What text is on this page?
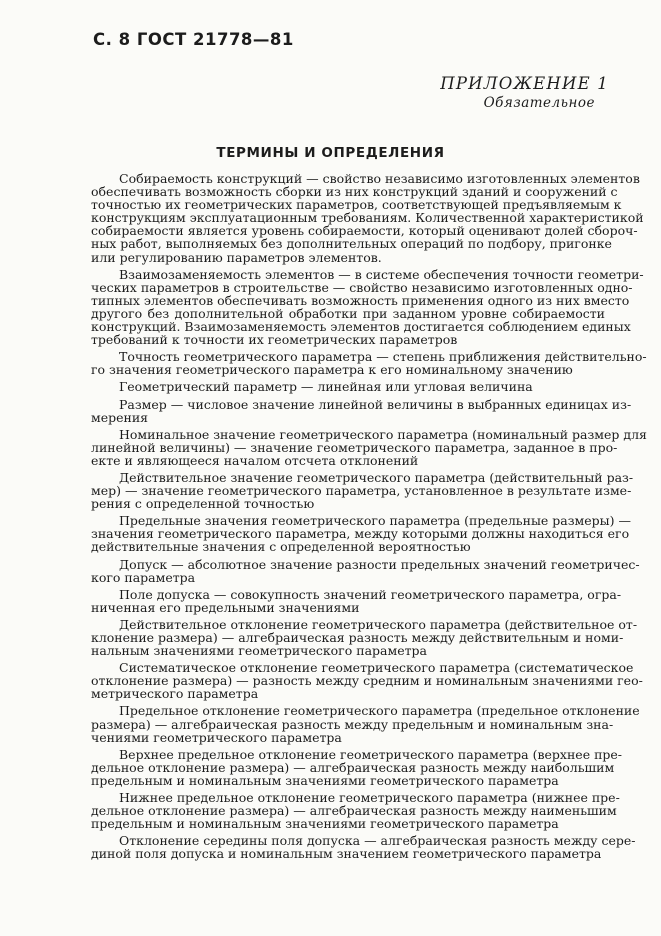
С. 8 ГОСТ 21778—81
ПРИЛОЖЕНИЕ 1
Обязательное
ТЕРМИНЫ И ОПРЕДЕЛЕНИЯ
Собираемость конструкций — свойство независимо изготовленных элементов
обеспечивать возможность сборки из них конструкций зданий и сооружений с
точностью их геометрических параметров, соответствующей предъявляемым к
конструкциям эксплуатационным требованиям. Количественной характеристикой
собираемости является уровень собираемости, который оценивают долей сбороч-
ных работ, выполняемых без дополнительных операций по подбору, пригонке
или регулированию параметров элементов.
Взаимозаменяемость элементов — в системе обеспечения точности геометри-
ческих параметров в строительстве — свойство независимо изготовленных одно-
типных элементов обеспечивать возможность применения одного из них вместо
другого без дополнительной обработки при заданном уровне собираемости
конструкций. Взаимозаменяемость элементов достигается соблюдением единых
требований к точности их геометрических параметров
Точность геометрического параметра — степень приближения действительно-
го значения геометрического параметра к его номинальному значению
Геометрический параметр — линейная или угловая величина
Размер — числовое значение линейной величины в выбранных единицах из-
мерения
Номинальное значение геометрического параметра (номинальный размер для
линейной величины) — значение геометрического параметра, заданное в про-
екте и являющееся началом отсчета отклонений
Действительное значение геометрического параметра (действительный раз-
мер) — значение геометрического параметра, установленное в результате изме-
рения с определенной точностью
Предельные значения геометрического параметра (предельные размеры) —
значения геометрического параметра, между которыми должны находиться его
действительные значения с определенной вероятностью
Допуск — абсолютное значение разности предельных значений геометричес-
кого параметра
Поле допуска — совокупность значений геометрического параметра, огра-
ниченная его предельными значениями
Действительное отклонение геометрического параметра (действительное от-
клонение размера) — алгебраическая разность между действительным и номи-
нальным значениями геометрического параметра
Систематическое отклонение геометрического параметра (систематическое
отклонение размера) — разность между средним и номинальным значениями гео-
метрического параметра
Предельное отклонение геометрического параметра (предельное отклонение
размера) — алгебраическая разность между предельным и номинальным зна-
чениями геометрического параметра
Верхнее предельное отклонение геометрического параметра (верхнее пре-
дельное отклонение размера) — алгебраическая разность между наибольшим
предельным и номинальным значениями геометрического параметра
Нижнее предельное отклонение геометрического параметра (нижнее пре-
дельное отклонение размера) — алгебраическая разность между наименьшим
предельным и номинальным значениями геометрического параметра
Отклонение середины поля допуска — алгебраическая разность между сере-
диной поля допуска и номинальным значением геометрического параметра
